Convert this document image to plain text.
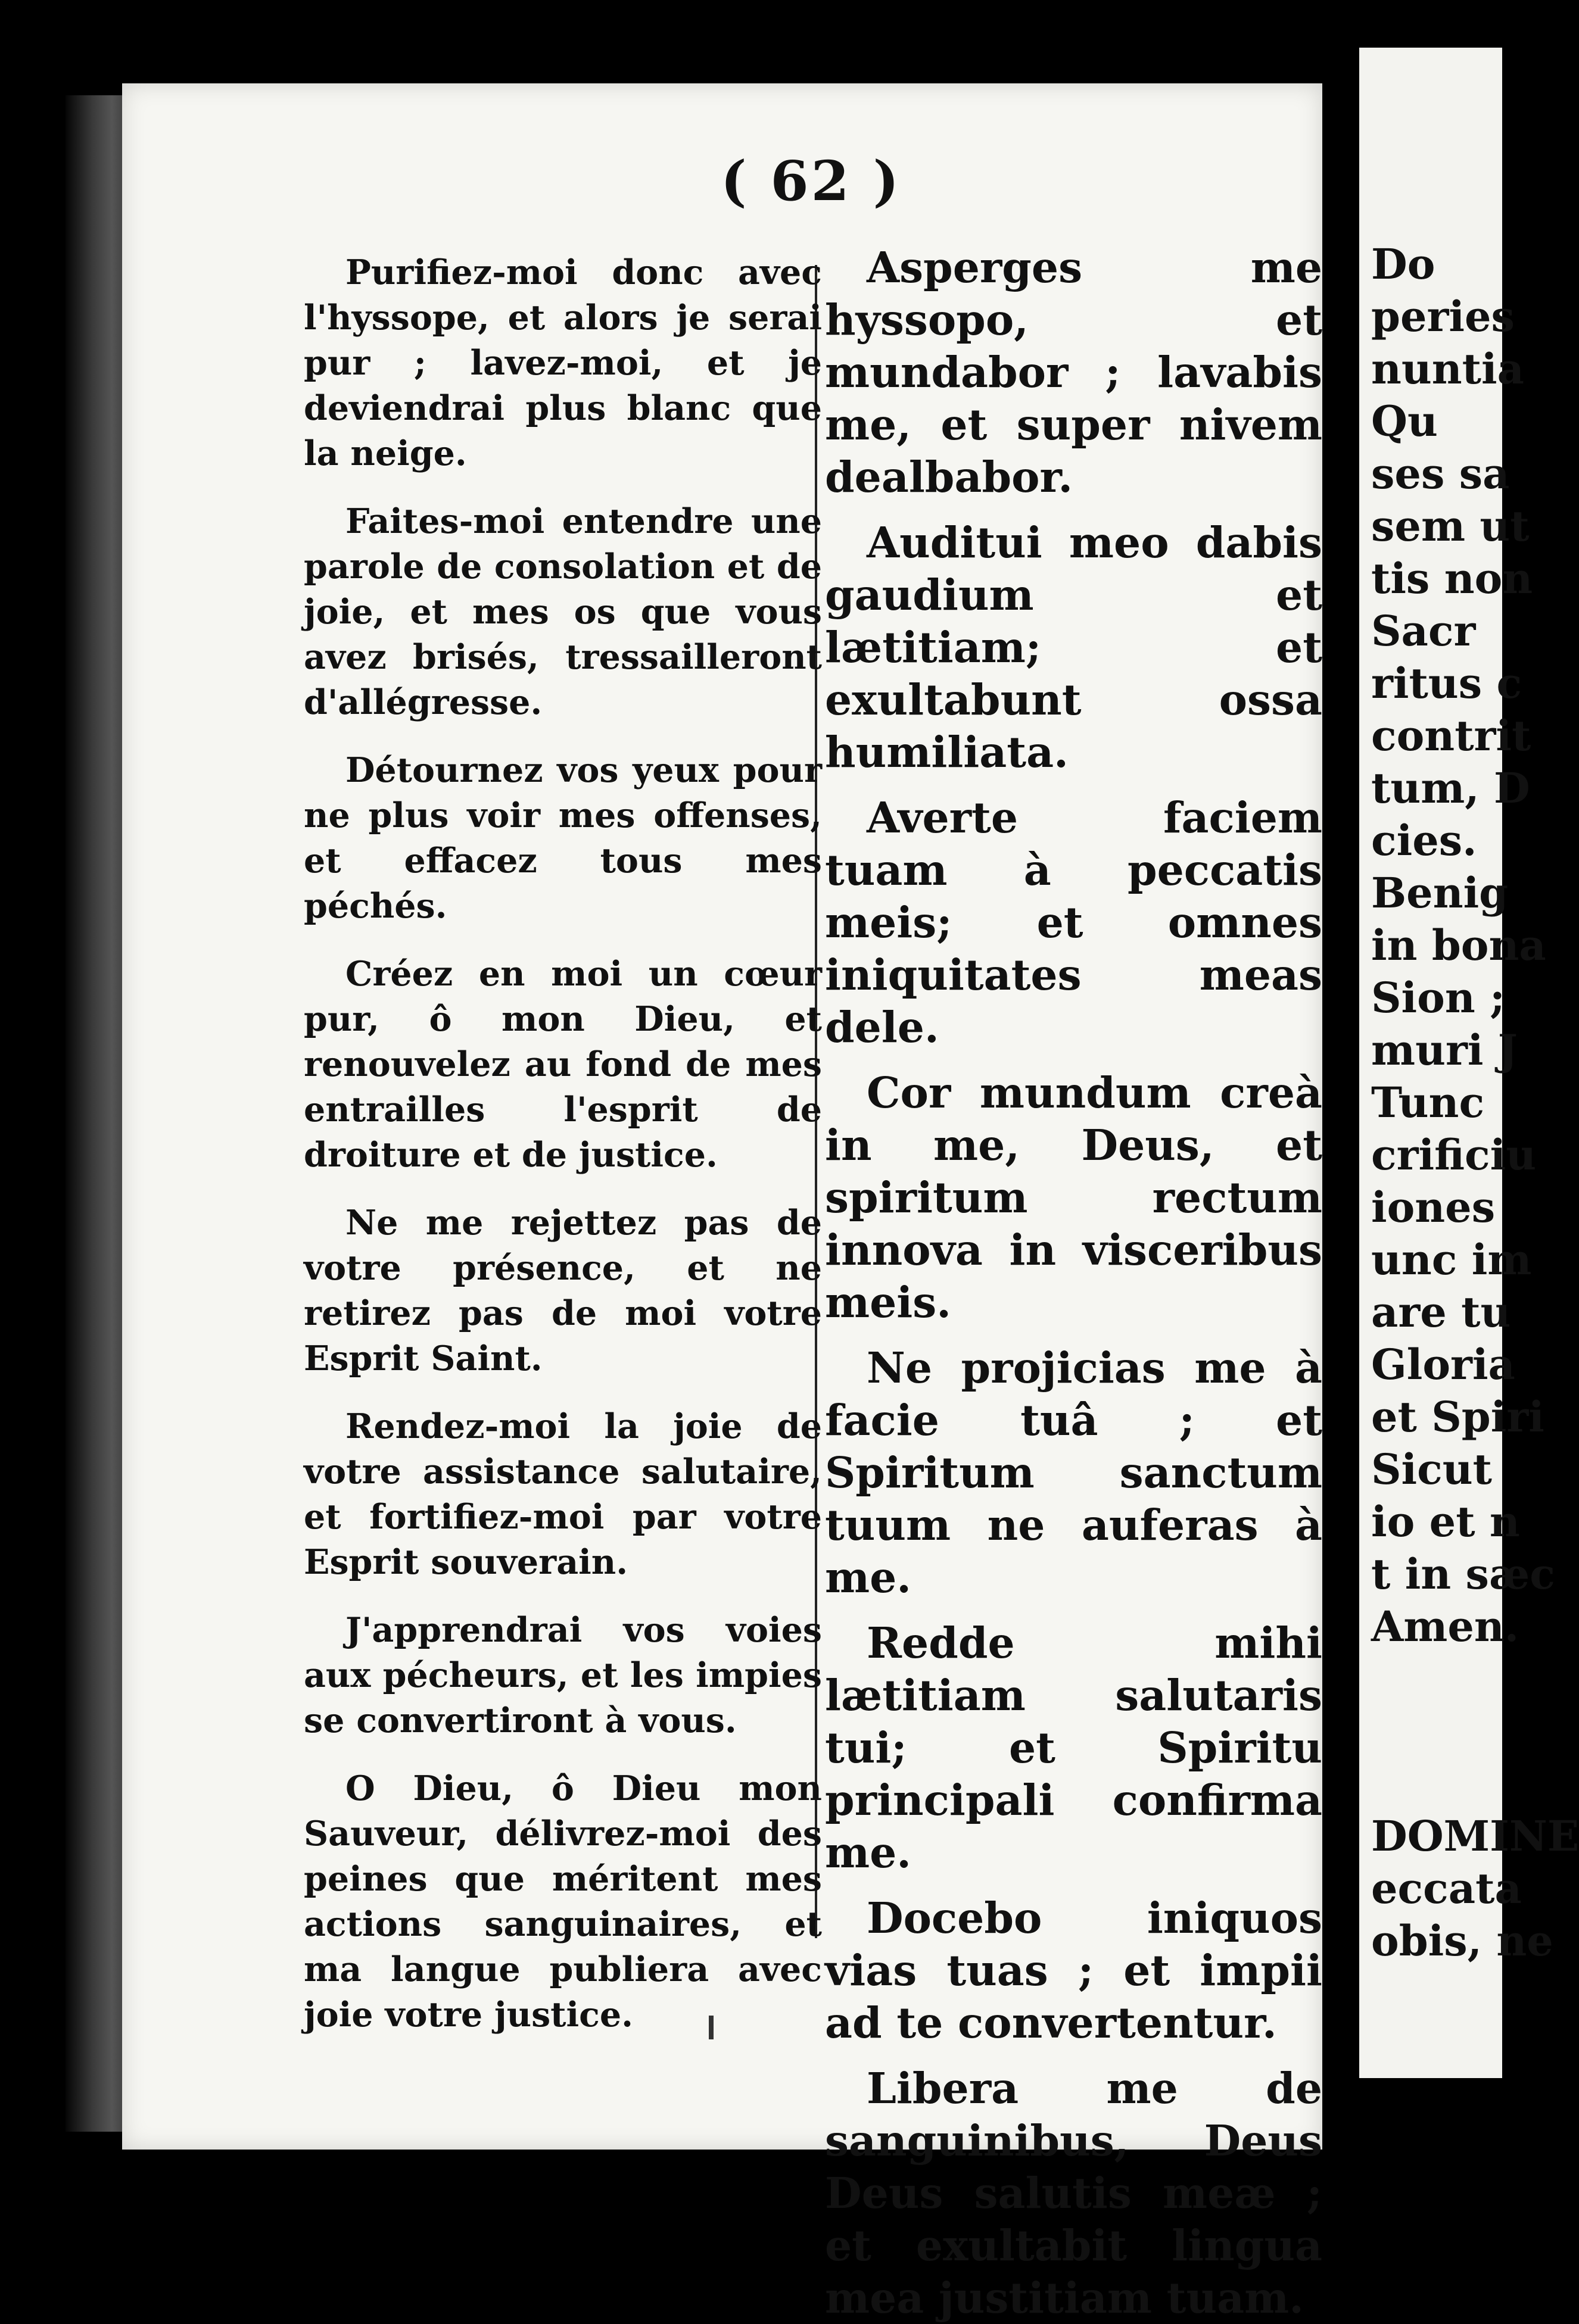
( 62 )

Purifiez-moi donc avec l'hyssope, et alors je serai pur ; lavez-moi, et je deviendrai plus blanc que la neige.

Faites-moi entendre une parole de consolation et de joie, et mes os que vous avez brisés, tressailleront d'allégresse.

Détournez vos yeux pour ne plus voir mes offenses, et effacez tous mes péchés.

Créez en moi un cœur pur, ô mon Dieu, et renouvelez au fond de mes entrailles l'esprit de droiture et de justice.

Ne me rejettez pas de votre présence, et ne retirez pas de moi votre Esprit Saint.

Rendez-moi la joie de votre assistance salutaire, et fortifiez-moi par votre Esprit souverain.

J'apprendrai vos voies aux pécheurs, et les impies se convertiront à vous.

O Dieu, ô Dieu mon Sauveur, délivrez-moi des peines que méritent mes actions sanguinaires, et ma langue publiera avec joie votre justice.

Asperges me hyssopo, et mundabor ; lavabis me, et super nivem dealbabor.

Auditui meo dabis gaudium et lætitiam; et exultabunt ossa humiliata.

Averte faciem tuam à peccatis meis; et omnes iniquitates meas dele.

Cor mundum creà in me, Deus, et spiritum rectum innova in visceribus meis.

Ne projicias me à facie tuâ ; et Spiritum sanctum tuum ne auferas à me.

Redde mihi lætitiam salutaris tui; et Spiritu principali confirma me.

Docebo iniquos vias tuas ; et impii ad te convertentur.

Libera me de sanguinibus, Deus Deus salutis meæ ; et exultabit lingua mea justitiam tuam.

Do
peries
nuntia
Qu
ses sa
sem ut
tis non
Sacr
ritus c
contrit
tum, D
cies.
Benig
in bona
Sion ;
muri J
Tunc
crificiu
iones
unc im
are tu
Gloria
et Spiri
Sicut
io et n
t in sæc
Amen.

DOMINE
eccata
obis, ne
